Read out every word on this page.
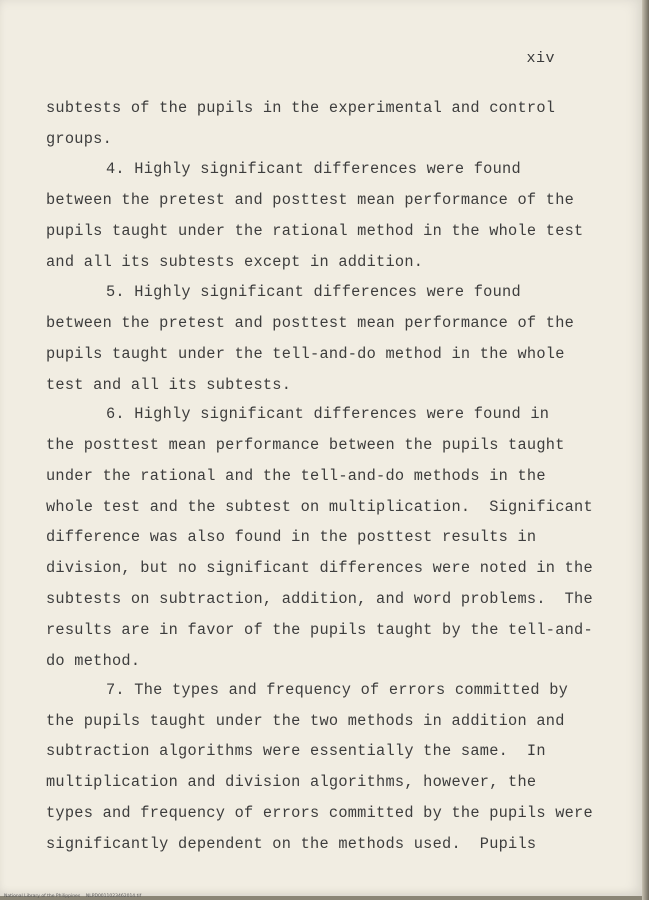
xiv
subtests of the pupils in the experimental and control
groups.
4. Highly significant differences were found
between the pretest and posttest mean performance of the
pupils taught under the rational method in the whole test
and all its subtests except in addition.
5. Highly significant differences were found
between the pretest and posttest mean performance of the
pupils taught under the tell-and-do method in the whole
test and all its subtests.
6. Highly significant differences were found in
the posttest mean performance between the pupils taught
under the rational and the tell-and-do methods in the
whole test and the subtest on multiplication.  Significant
difference was also found in the posttest results in
division, but no significant differences were noted in the
subtests on subtraction, addition, and word problems.  The
results are in favor of the pupils taught by the tell-and-
do method.
7. The types and frequency of errors committed by
the pupils taught under the two methods in addition and
subtraction algorithms were essentially the same.  In
multiplication and division algorithms, however, the
types and frequency of errors committed by the pupils were
significantly dependent on the methods used.  Pupils
National Library of the Philippines    NLPD0011023462014.tif
